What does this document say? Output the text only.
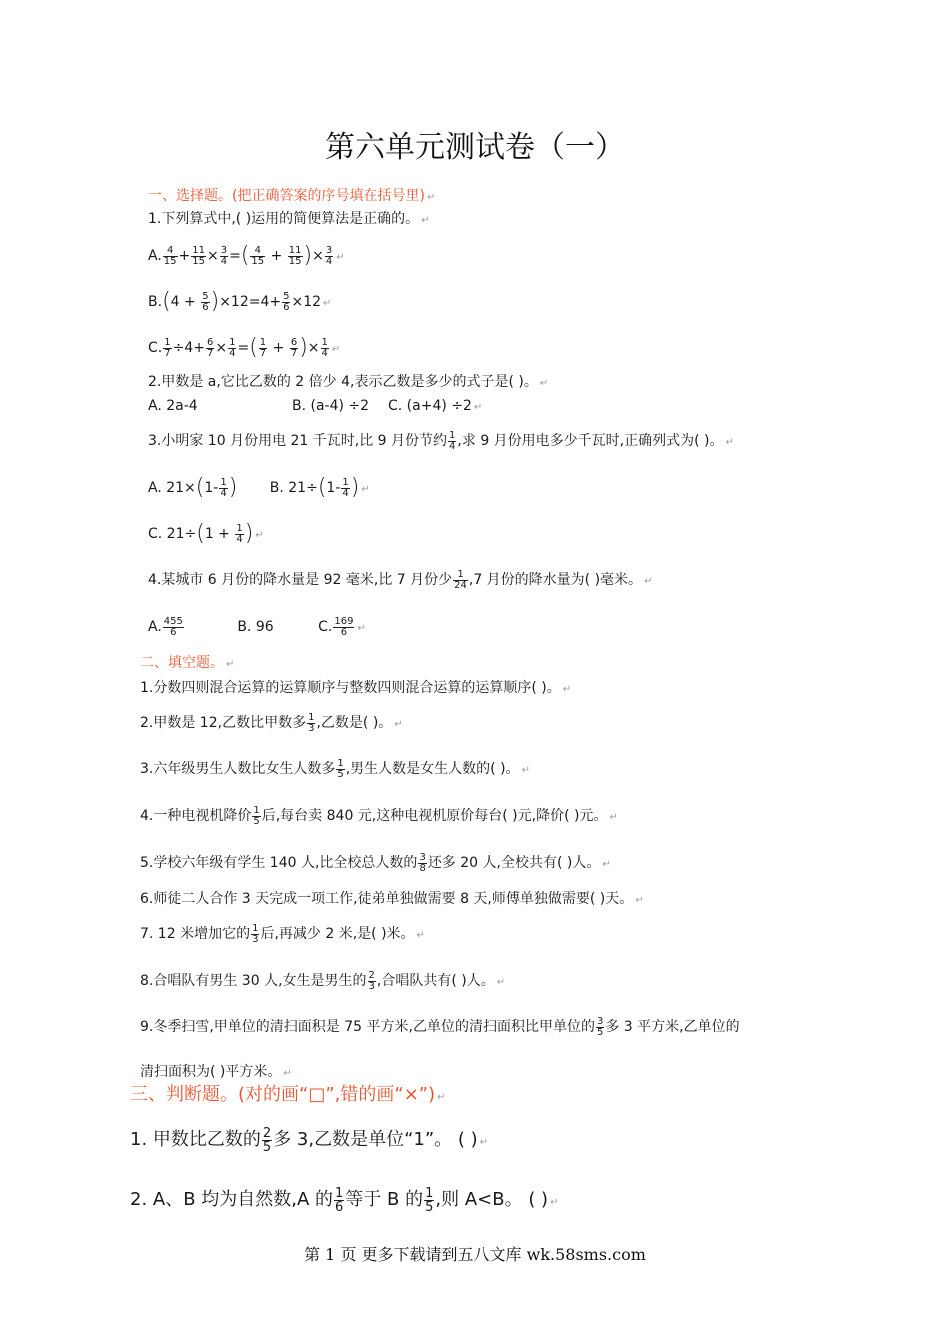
第六单元测试卷（一）
一、选择题。(把正确答案的序号填在括号里) ↵
1.下列算式中,( )运用的简便算法是正确的。 ↵
A. $\frac{4}{15} + \frac{11}{15} \times \frac{3}{4}$ =( $\frac{4}{15} + \frac{11}{15}$ )× $\frac{3}{4}$ ↵
$B.(4 + \frac{5}{6} )\times 12=4+ \frac{5}{6} \times 12$ ↵
C. $\frac{1}{7} \div 4+ \frac{6}{7} \times \frac{1}{4}$ =( $\frac{1}{7} + \frac{6}{7}$ )× $\frac{1}{4}$ ↵
2.甲数是 a,它比乙数的 2 倍少 4,表示乙数是多少的式子是( )。 ↵
A. 2a-4	B. (a-4) ÷2 C. (a+4) ÷2 ↵
3.小明家 10 月份用电 21 千瓦时,比 9 月份节约 $\frac{1}{4}$ ,求 9 月份用电多少千瓦时,正确列式为( )。 ↵
A. $21\times(1- \frac{1}{4}$ ) B. $21\div(1- \frac{1}{4}$ ) ↵
C. $21\div(1 + \frac{1}{4}$ ) ↵
4.某城市 6 月份的降水量是 92 毫米,比 7 月份少 $\frac{1}{24} ,7$ 月份的降水量为( )毫米。 ↵
A. $\frac{455}{6}$	B. 96	C. $\frac{169}{6}$ ↵
二、填空题。 ↵
1.分数四则混合运算的运算顺序与整数四则混合运算的运算顺序( )。 ↵
2.甲数是 12,乙数比甲数多 $\frac{1}{3}$ ,乙数是( )。 ↵
3.六年级男生人数比女生人数多 $\frac{1}{5}$ ,男生人数是女生人数的( )。 ↵
4.一种电视机降价 $\frac{1}{5}$ 后,每台卖 840 元,这种电视机原价每台( )元,降价( )元。 ↵
5.学校六年级有学生 140 人,比全校总人数的 $\frac{3}{8}$ 还多 20 人,全校共有( )人。 ↵
6.师徒二人合作 3 天完成一项工作,徒弟单独做需要 8 天,师傅单独做需要( )天。 ↵
7. 12 米增加它的 $\frac{1}{3}$ 后,再减少 2 米,是( )米。 ↵
8.合唱队有男生 30 人,女生是男生的 $\frac{2}{3}$ ,合唱队共有( )人。 ↵
9.冬季扫雪,甲单位的清扫面积是 75 平方米,乙单位的清扫面积比甲单位的 $\frac{3}{5}$ 多 3 平方米,乙单位的
清扫面积为( )平方米。 ↵
三、判断题。(对的画“□”,错的画“×”) ↵
1. 甲数比乙数的 $\frac{2}{5}$ 多 3,乙数是单位“1”。 ( ) ↵
2. A、B 均为自然数,A 的 $\frac{1}{6}$ 等于 B 的 $\frac{1}{5}$ ,则 A<B。 ( ) ↵
第 1 页 更多下载请到五八文库 wk.58sms.com
